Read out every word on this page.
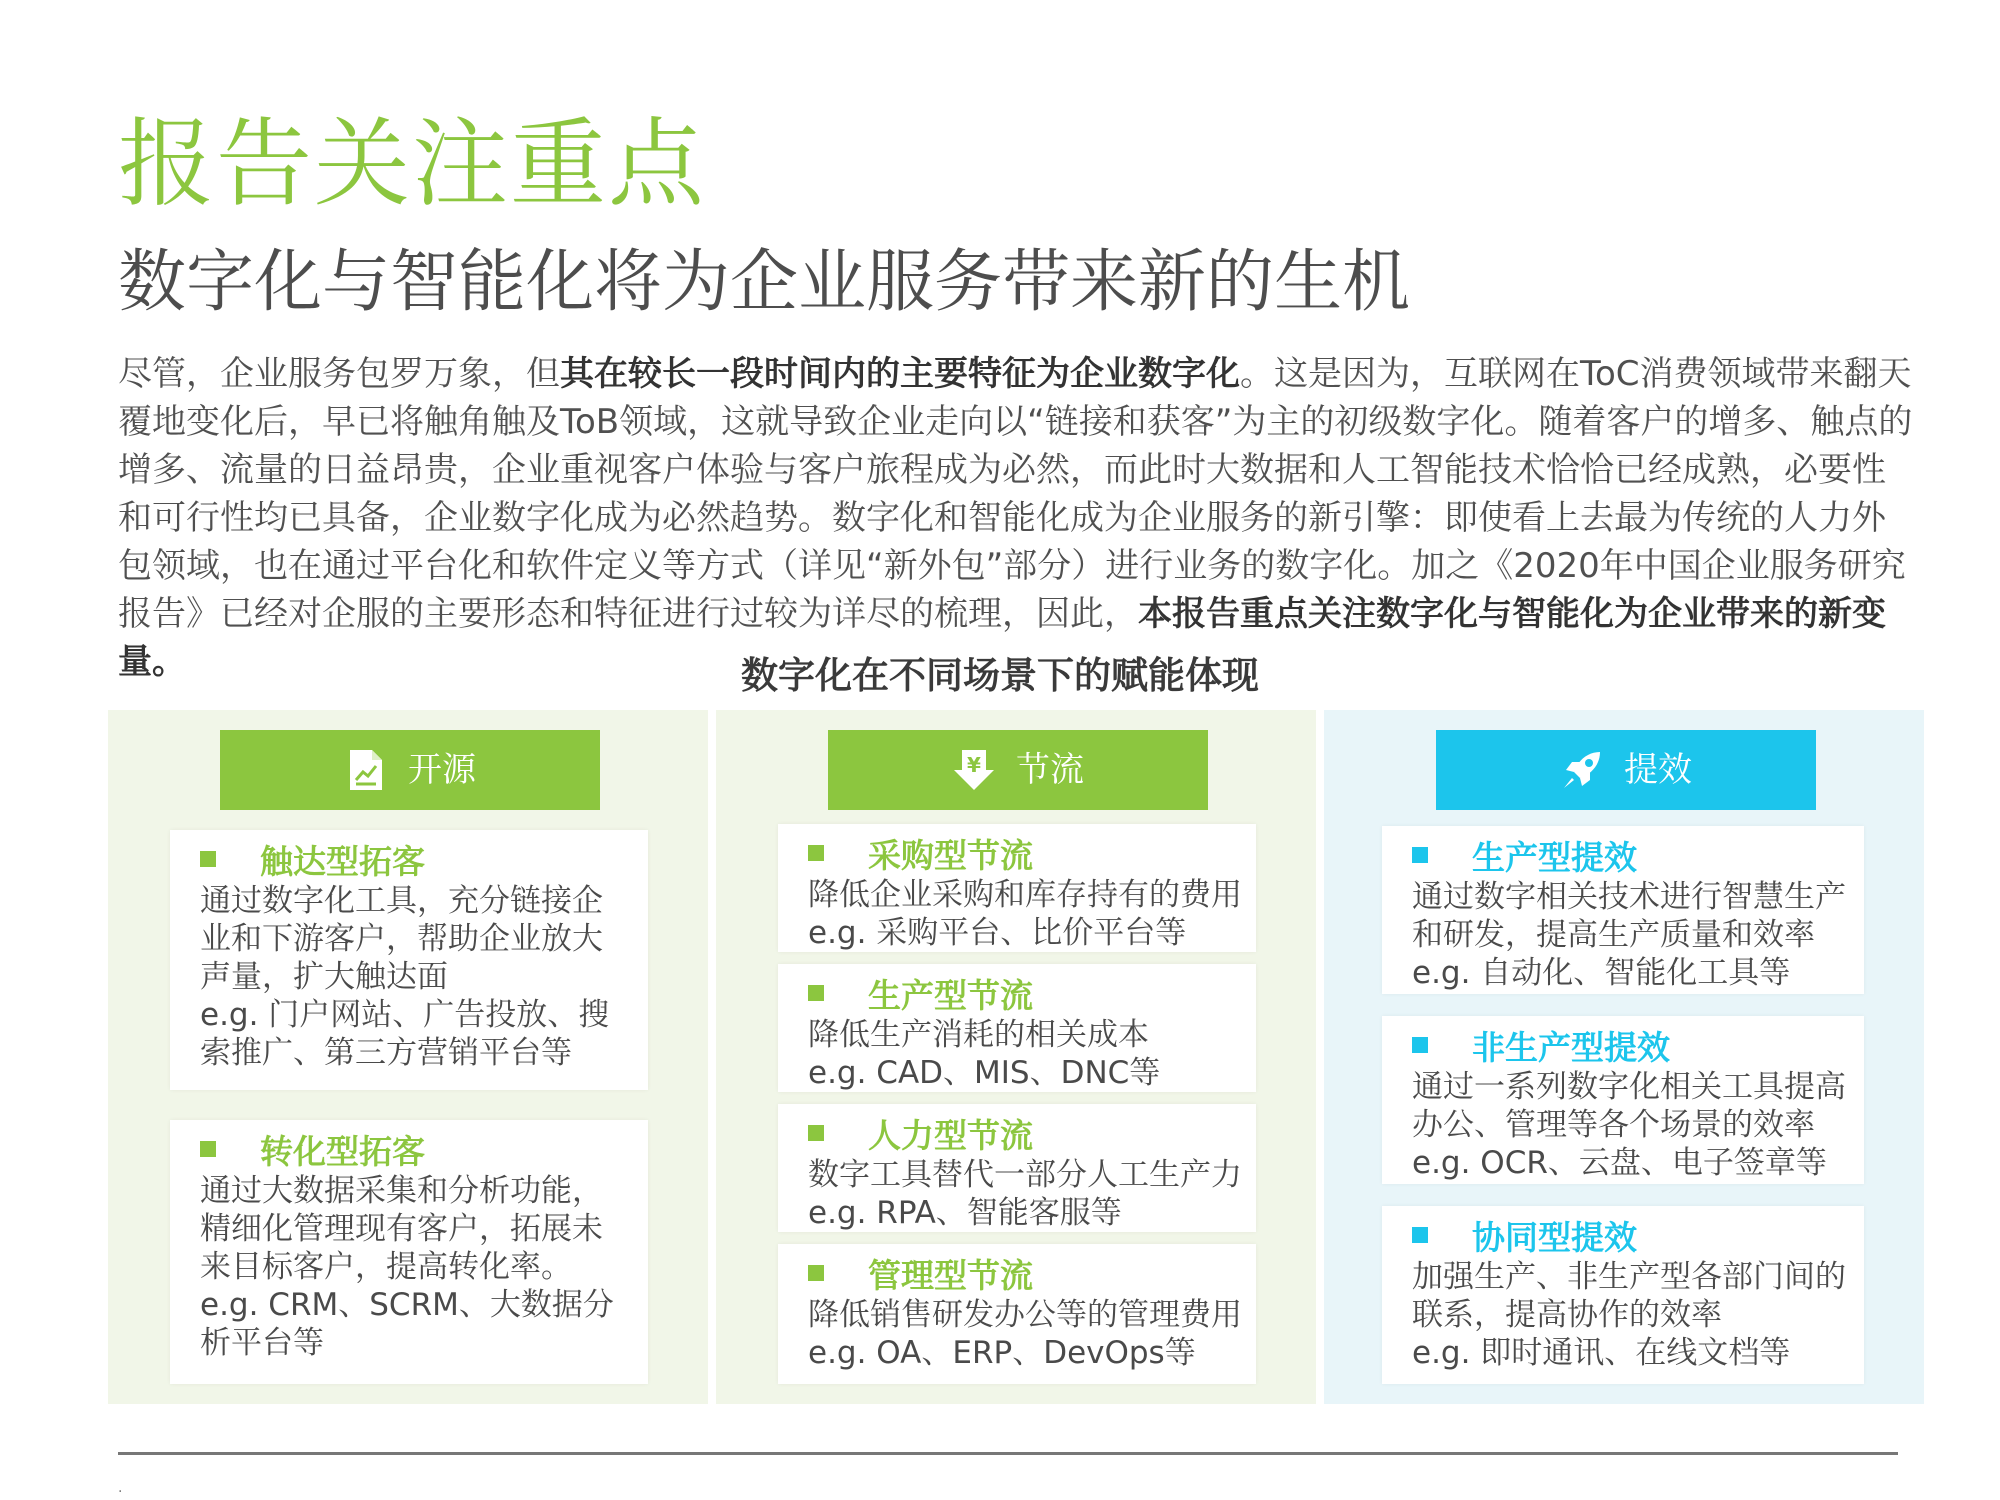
报告关注重点
数字化与智能化将为企业服务带来新的生机
尽管，企业服务包罗万象，但其在较长一段时间内的主要特征为企业数字化。这是因为，互联网在ToC消费领域带来翻天覆地变化后，早已将触角触及ToB领域，这就导致企业走向以“链接和获客”为主的初级数字化。随着客户的增多、触点的增多、流量的日益昂贵，企业重视客户体验与客户旅程成为必然，而此时大数据和人工智能技术恰恰已经成熟，必要性和可行性均已具备，企业数字化成为必然趋势。数字化和智能化成为企业服务的新引擎：即使看上去最为传统的人力外包领域，也在通过平台化和软件定义等方式（详见“新外包”部分）进行业务的数字化。加之《2020年中国企业服务研究报告》已经对企服的主要形态和特征进行过较为详尽的梳理，因此，本报告重点关注数字化与智能化为企业带来的新变量。	数字化在不同场景下的赋能体现
开源
触达型拓客
通过数字化工具，充分链接企
业和下游客户，帮助企业放大
声量，扩大触达面
e.g. 门户网站、广告投放、搜
索推广、第三方营销平台等
转化型拓客
通过大数据采集和分析功能，
精细化管理现有客户，拓展未
来目标客户，提高转化率。
e.g. CRM、SCRM、大数据分
析平台等
¥ 节流
采购型节流
降低企业采购和库存持有的费用
e.g. 采购平台、比价平台等
生产型节流
降低生产消耗的相关成本
e.g. CAD、MIS、DNC等
人力型节流
数字工具替代一部分人工生产力
e.g. RPA、智能客服等
管理型节流
降低销售研发办公等的管理费用
e.g. OA、ERP、DevOps等
提效
生产型提效
通过数字相关技术进行智慧生产
和研发，提高生产质量和效率
e.g. 自动化、智能化工具等
非生产型提效
通过一系列数字化相关工具提高
办公、管理等各个场景的效率
e.g. OCR、云盘、电子签章等
协同型提效
加强生产、非生产型各部门间的
联系，提高协作的效率
e.g. 即时通讯、在线文档等
.
